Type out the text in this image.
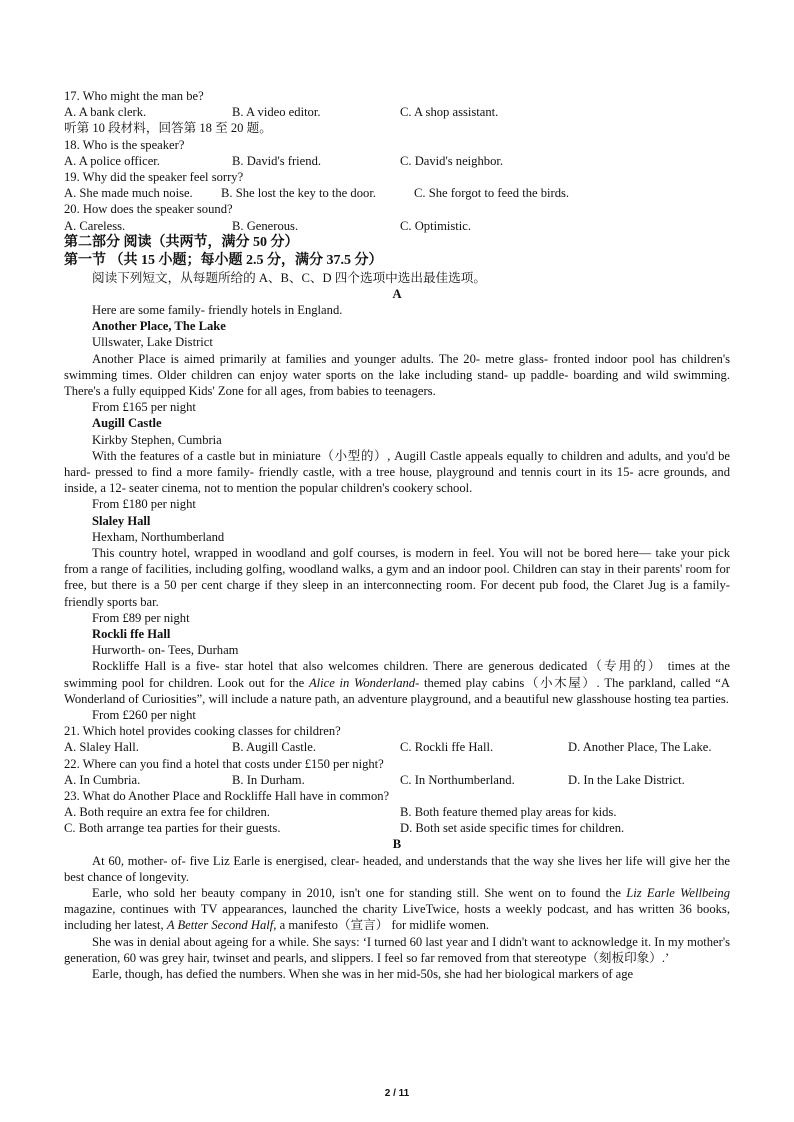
17. Who might the man be?
A. A bank clerk.	B. A video editor.	C. A shop assistant.
听第 10 段材料，回答第 18 至 20 题。
18. Who is the speaker?
A. A police officer.	B. David's friend.	C. David's neighbor.
19. Why did the speaker feel sorry?
A. She made much noise. B. She lost the key to the door.	C. She forgot to feed the birds.
20. How does the speaker sound?
A. Careless.	B. Generous.	C. Optimistic.
第二部分 阅读（共两节，满分 50 分）
第一节 （共 15 小题；每小题 2.5 分，满分 37.5 分）
阅读下列短文，从每题所给的 A、B、C、D 四个选项中选出最佳选项。
A
Here are some family- friendly hotels in England.
Another Place, The Lake
Ullswater, Lake District
Another Place is aimed primarily at families and younger adults. The 20- metre glass- fronted indoor pool has children's swimming times. Older children can enjoy water sports on the lake including stand- up paddle- boarding and wild swimming. There's a fully equipped Kids' Zone for all ages, from babies to teenagers.
From £165 per night
Augill Castle
Kirkby Stephen, Cumbria
With the features of a castle but in miniature（小型的）, Augill Castle appeals equally to children and adults, and you'd be hard- pressed to find a more family- friendly castle, with a tree house, playground and tennis court in its 15- acre grounds, and inside, a 12- seater cinema, not to mention the popular children's cookery school.
From £180 per night
Slaley Hall
Hexham, Northumberland
This country hotel, wrapped in woodland and golf courses, is modern in feel. You will not be bored here— take your pick from a range of facilities, including golfing, woodland walks, a gym and an indoor pool. Children can stay in their parents' room for free, but there is a 50 per cent charge if they sleep in an interconnecting room. For decent pub food, the Claret Jug is a family- friendly sports bar.
From £89 per night
Rockli ffe Hall
Hurworth- on- Tees, Durham
Rockliffe Hall is a five- star hotel that also welcomes children. There are generous dedicated（专用的） times at the swimming pool for children. Look out for the Alice in Wonderland- themed play cabins（小木屋）. The parkland, called “A Wonderland of Curiosities”, will include a nature path, an adventure playground, and a beautiful new glasshouse hosting tea parties.
From £260 per night
21. Which hotel provides cooking classes for children?
A. Slaley Hall.	B. Augill Castle.	C. Rockli ffe Hall.	D. Another Place, The Lake.
22. Where can you find a hotel that costs under £150 per night?
A. In Cumbria.	B. In Durham.	C. In Northumberland.	D. In the Lake District.
23. What do Another Place and Rockliffe Hall have in common?
A. Both require an extra fee for children.	B. Both feature themed play areas for kids.
C. Both arrange tea parties for their guests.	D. Both set aside specific times for children.
B
At 60, mother- of- five Liz Earle is energised, clear- headed, and understands that the way she lives her life will give her the best chance of longevity.
Earle, who sold her beauty company in 2010, isn't one for standing still. She went on to found the Liz Earle Wellbeing magazine, continues with TV appearances, launched the charity LiveTwice, hosts a weekly podcast, and has written 36 books, including her latest, A Better Second Half, a manifesto（宣言） for midlife women.
She was in denial about ageing for a while. She says: ‘I turned 60 last year and I didn't want to acknowledge it. In my mother's generation, 60 was grey hair, twinset and pearls, and slippers. I feel so far removed from that stereotype（刻板印象）.’
Earle, though, has defied the numbers. When she was in her mid-50s, she had her biological markers of age
2 / 11
